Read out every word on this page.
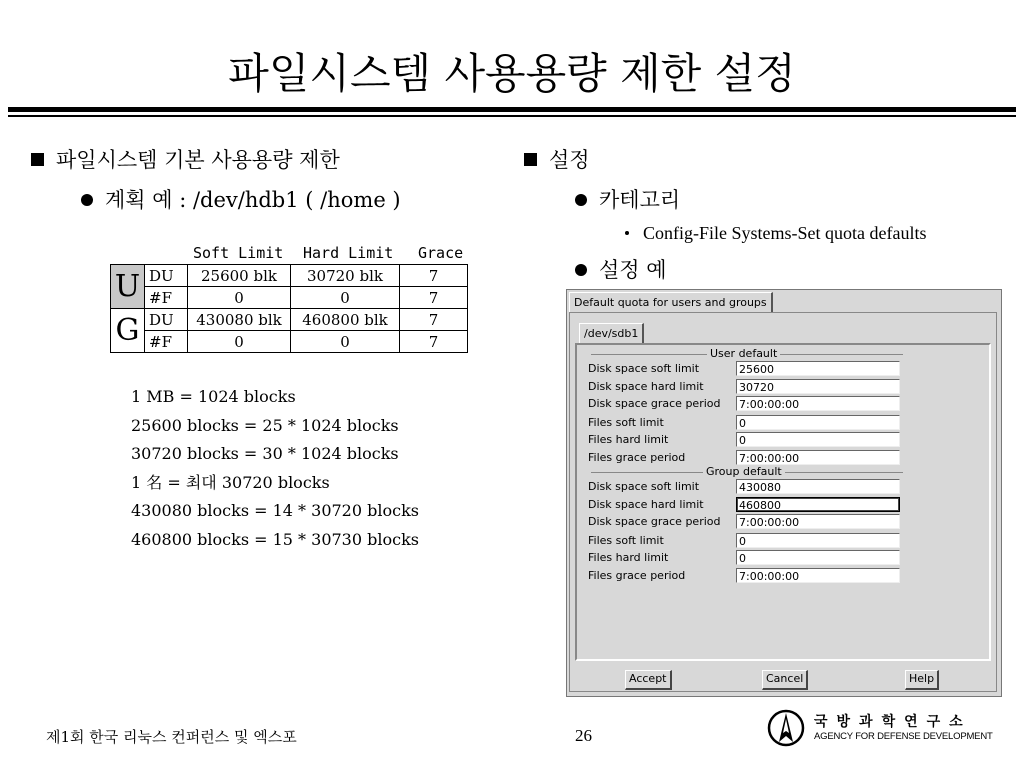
파일시스템 사용용량 제한 설정
파일시스템 기본 사용용량 제한
계획 예 : /dev/hdb1 ( /home )
Soft Limit Hard Limit Grace
U	DU	25600 blk	30720 blk	7
	#F	0	0	7
G	DU	430080 blk	460800 blk	7
	#F	0	0	7
1 MB = 1024 blocks
25600 blocks = 25 * 1024 blocks
30720 blocks = 30 * 1024 blocks
1 名 = 최대 30720 blocks
430080 blocks = 14 * 30720 blocks
460800 blocks = 15 * 30730 blocks
설정
카테고리
Config-File Systems-Set quota defaults
설정 예
Default quota for users and groups
/dev/sdb1
User default
Disk space soft limit	25600
Disk space hard limit	30720
Disk space grace period 7:00:00:00
Files soft limit	0
Files hard limit	0
Files grace period	7:00:00:00
Group default
Disk space soft limit	430080
Disk space hard limit	460800
Disk space grace period 7:00:00:00
Files soft limit	0
Files hard limit	0
Files grace period	7:00:00:00
Accept	Cancel	Help
제1회 한국 리눅스 컨퍼런스 및 엑스포	26
국방과학연구소
AGENCY FOR DEFENSE DEVELOPMENT
